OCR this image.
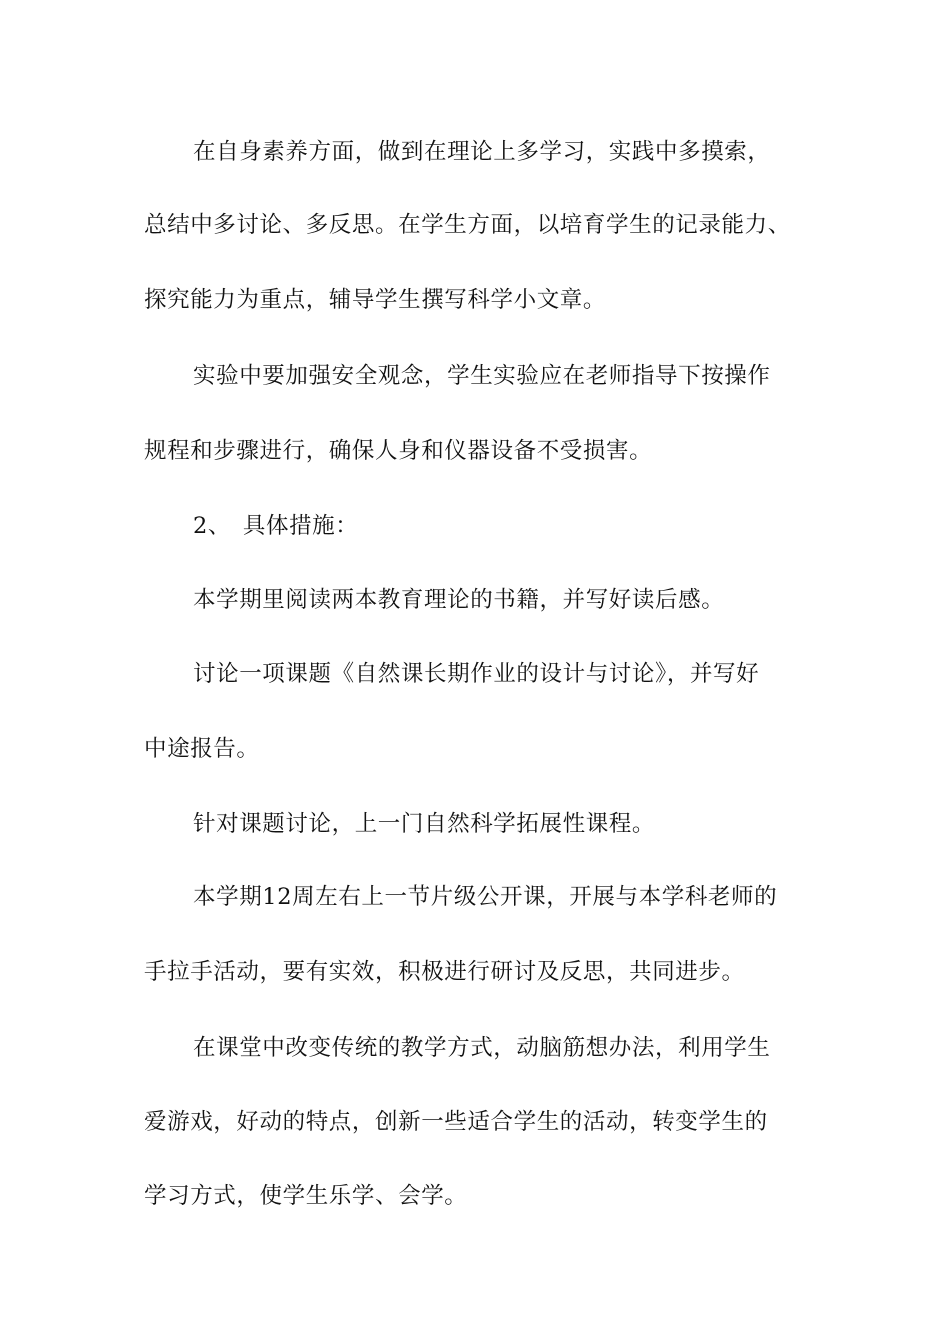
在自身素养方面，做到在理论上多学习，实践中多摸索，
总结中多讨论、多反思。在学生方面，以培育学生的记录能力、
探究能力为重点，辅导学生撰写科学小文章。
实验中要加强安全观念，学生实验应在老师指导下按操作
规程和步骤进行，确保人身和仪器设备不受损害。
2、　具体措施：
本学期里阅读两本教育理论的书籍，并写好读后感。
讨论一项课题《自然课长期作业的设计与讨论》，并写好
中途报告。
针对课题讨论，上一门自然科学拓展性课程。
本学期12周左右上一节片级公开课，开展与本学科老师的
手拉手活动，要有实效，积极进行研讨及反思，共同进步。
在课堂中改变传统的教学方式，动脑筋想办法，利用学生
爱游戏，好动的特点，创新一些适合学生的活动，转变学生的
学习方式，使学生乐学、会学。
